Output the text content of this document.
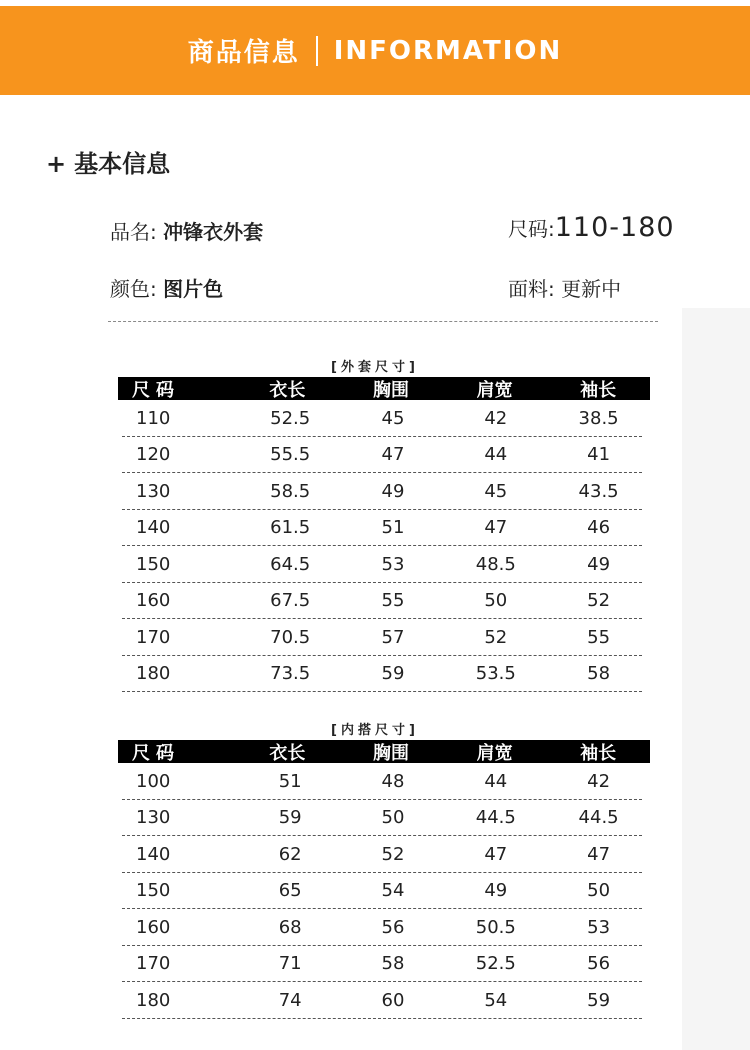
商品信息 INFORMATION
+ 基本信息
品名: 冲锋衣外套	尺码:110-180
颜色: 图片色	面料: 更新中
[外套尺寸]
尺码	衣长	胸围	肩宽	袖长
110	52.5	45	42	38.5
120	55.5	47	44	41
130	58.5	49	45	43.5
140	61.5	51	47	46
150	64.5	53	48.5	49
160	67.5	55	50	52
170	70.5	57	52	55
180	73.5	59	53.5	58
[内搭尺寸]
尺码	衣长	胸围	肩宽	袖长
100	51	48	44	42
130	59	50	44.5	44.5
140	62	52	47	47
150	65	54	49	50
160	68	56	50.5	53
170	71	58	52.5	56
180	74	60	54	59
